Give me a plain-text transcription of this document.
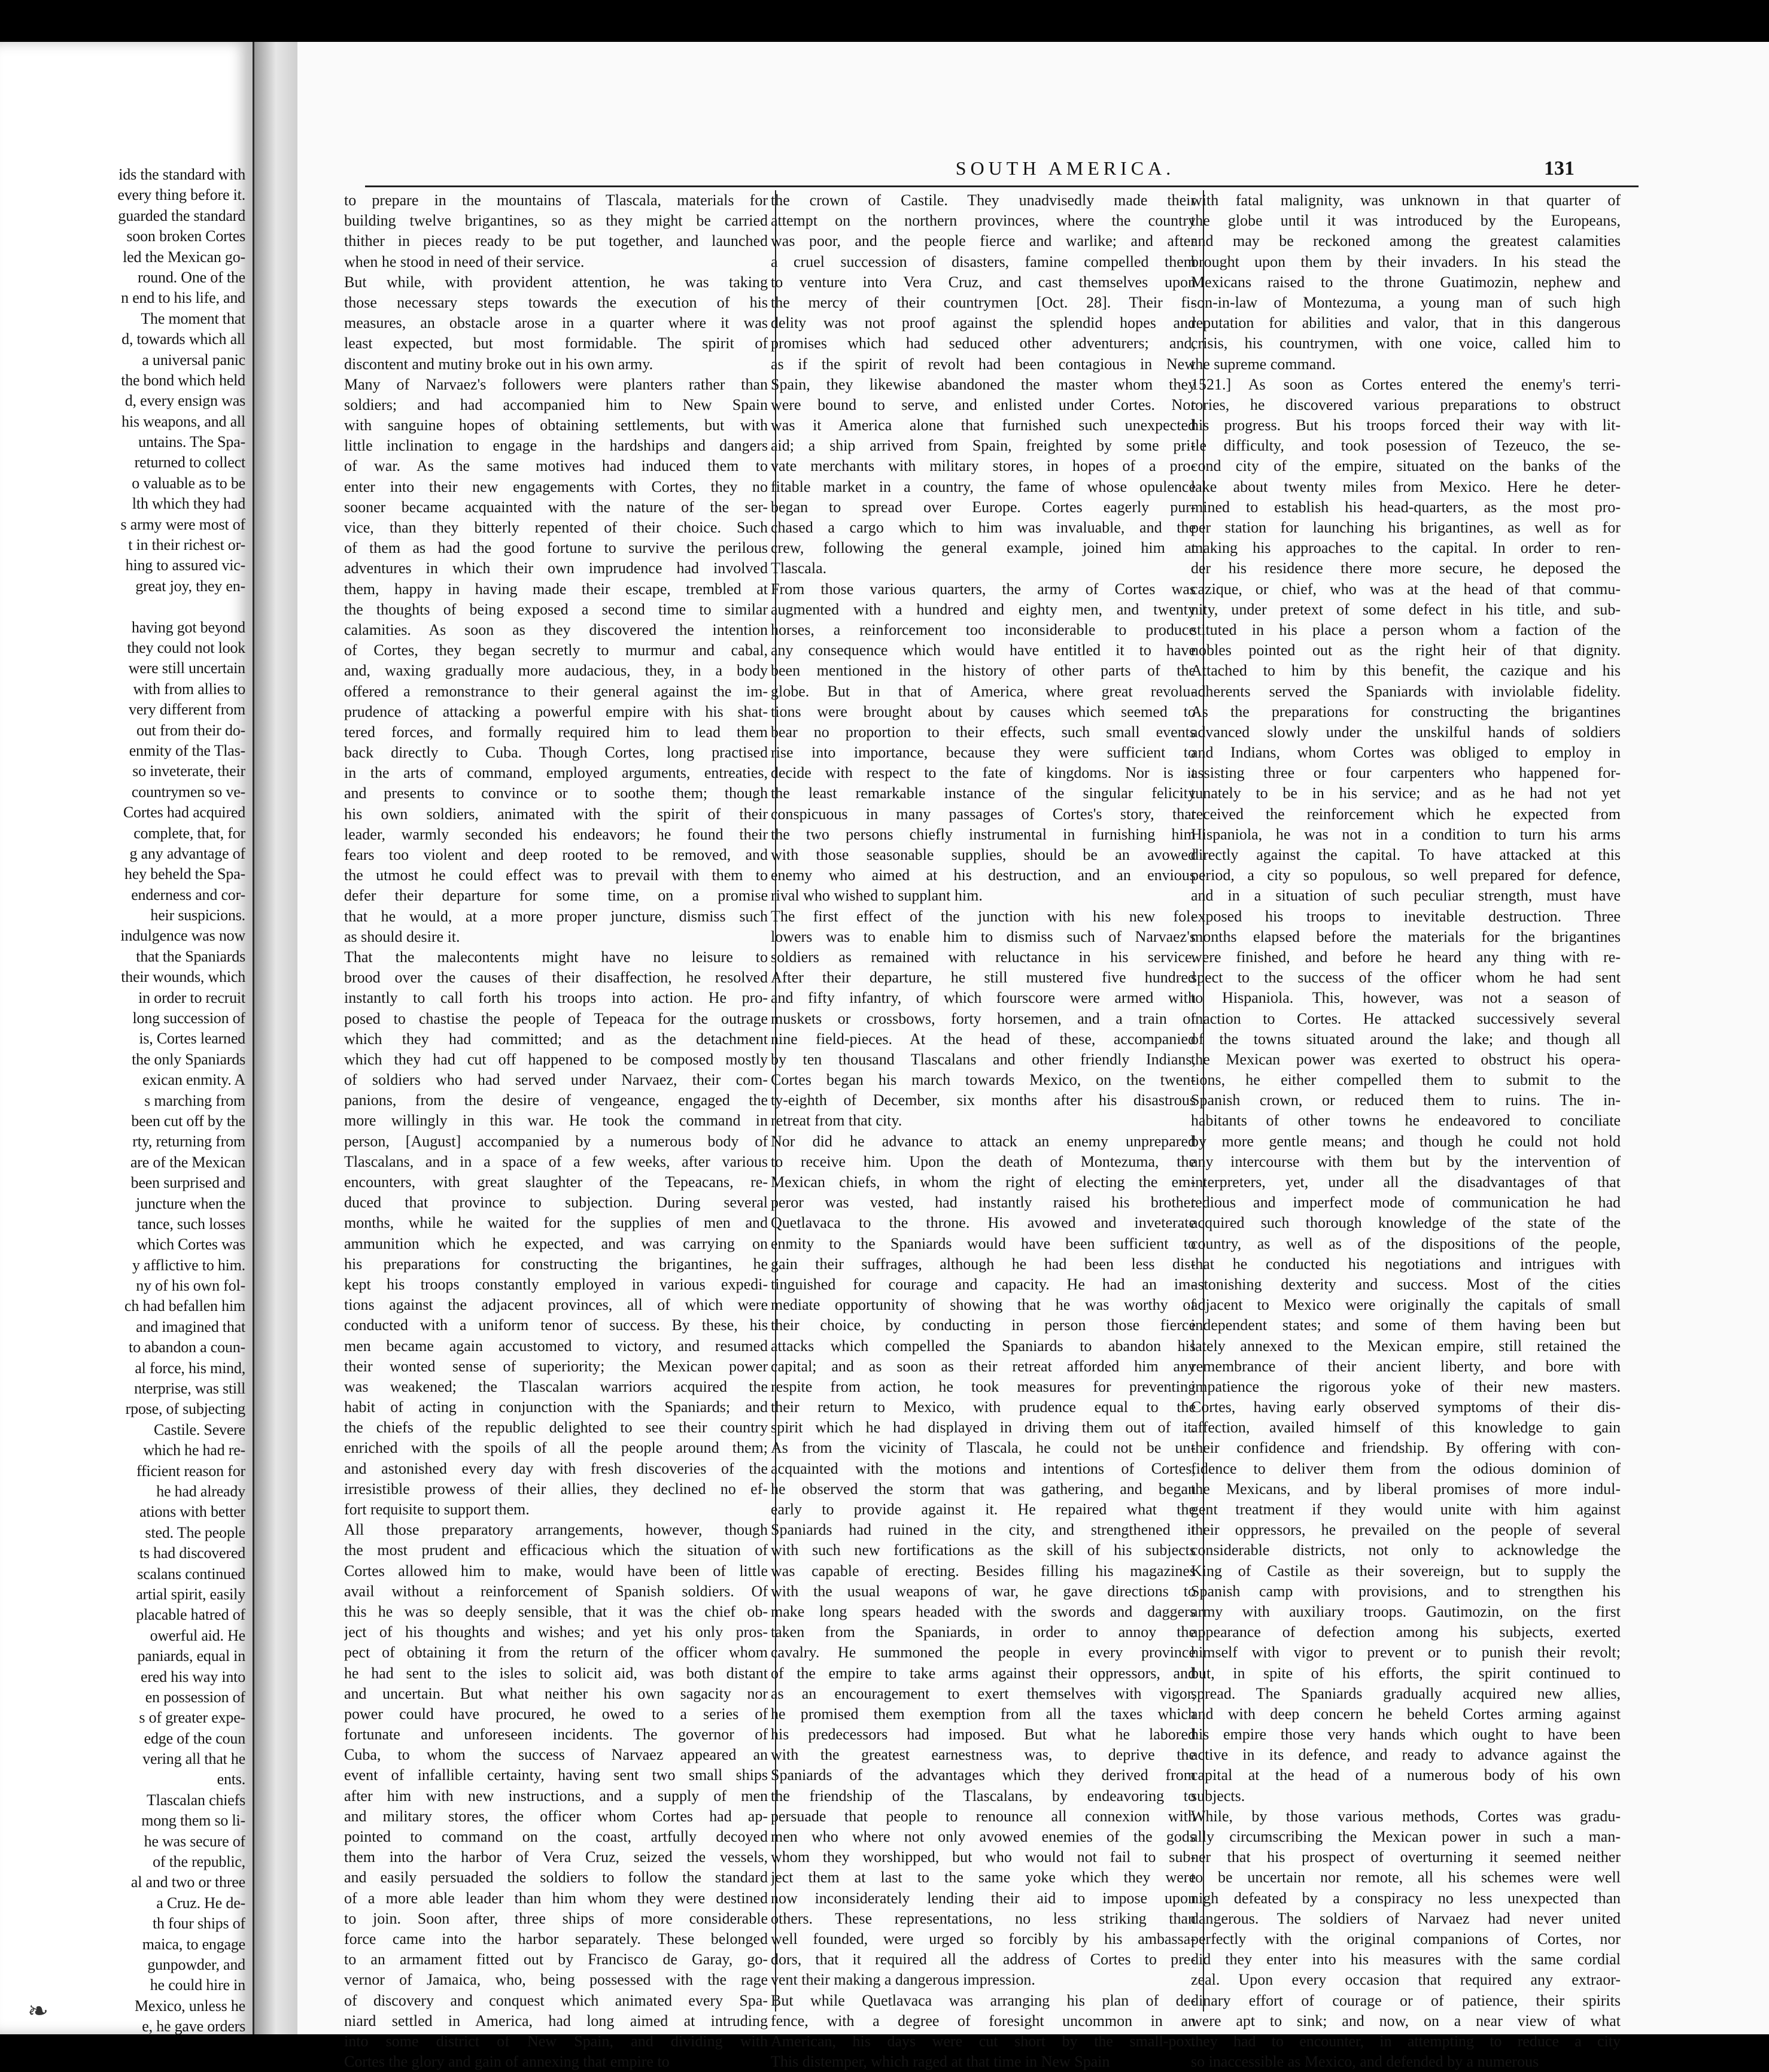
ids the standard with
every thing before it.
guarded the standard
soon broken Cortes
led the Mexican go-
round. One of the
n end to his life, and
The moment that
d, towards which all
a universal panic
the bond which held
d, every ensign was
his weapons, and all
untains. The Spa-
returned to collect
o valuable as to be
lth which they had
s army were most of
t in their richest or-
hing to assured vic-
great joy, they en-
having got beyond
they could not look
were still uncertain
with from allies to
very different from
out from their do-
enmity of the Tlas-
so inveterate, their
countrymen so ve-
Cortes had acquired
complete, that, for
g any advantage of
hey beheld the Spa-
enderness and cor-
heir suspicions.
indulgence was now
that the Spaniards
their wounds, which
in order to recruit
long succession of
is, Cortes learned
the only Spaniards
exican enmity. A
s marching from
been cut off by the
rty, returning from
are of the Mexican
been surprised and
juncture when the
tance, such losses
which Cortes was
y afflictive to him.
ny of his own fol-
ch had befallen him
and imagined that
to abandon a coun-
al force, his mind,
nterprise, was still
rpose, of subjecting
Castile. Severe
which he had re-
fficient reason for
he had already
ations with better
sted. The people
ts had discovered
scalans continued
artial spirit, easily
placable hatred of
owerful aid. He
paniards, equal in
ered his way into
en possession of
s of greater expe-
edge of the coun
vering all that he
ents.
Tlascalan chiefs
mong them so li-
he was secure of
of the republic,
al and two or three
a Cruz. He de-
th four ships of
maica, to engage
gunpowder, and
he could hire in
Mexico, unless he
e, he gave orders
SOUTH AMERICA.	131
to prepare in the mountains of Tlascala, materials for
building twelve brigantines, so as they might be carried
thither in pieces ready to be put together, and launched
when he stood in need of their service.
But while, with provident attention, he was taking
those necessary steps towards the execution of his
measures, an obstacle arose in a quarter where it was
least expected, but most formidable. The spirit of
discontent and mutiny broke out in his own army.
Many of Narvaez's followers were planters rather than
soldiers; and had accompanied him to New Spain
with sanguine hopes of obtaining settlements, but with
little inclination to engage in the hardships and dangers
of war. As the same motives had induced them to
enter into their new engagements with Cortes, they no
sooner became acquainted with the nature of the ser-
vice, than they bitterly repented of their choice. Such
of them as had the good fortune to survive the perilous
adventures in which their own imprudence had involved
them, happy in having made their escape, trembled at
the thoughts of being exposed a second time to similar
calamities. As soon as they discovered the intention
of Cortes, they began secretly to murmur and cabal,
and, waxing gradually more audacious, they, in a body
offered a remonstrance to their general against the im-
prudence of attacking a powerful empire with his shat-
tered forces, and formally required him to lead them
back directly to Cuba. Though Cortes, long practised
in the arts of command, employed arguments, entreaties,
and presents to convince or to soothe them; though
his own soldiers, animated with the spirit of their
leader, warmly seconded his endeavors; he found their
fears too violent and deep rooted to be removed, and
the utmost he could effect was to prevail with them to
defer their departure for some time, on a promise
that he would, at a more proper juncture, dismiss such
as should desire it.
That the malecontents might have no leisure to
brood over the causes of their disaffection, he resolved
instantly to call forth his troops into action. He pro-
posed to chastise the people of Tepeaca for the outrage
which they had committed; and as the detachment
which they had cut off happened to be composed mostly
of soldiers who had served under Narvaez, their com-
panions, from the desire of vengeance, engaged the
more willingly in this war. He took the command in
person, [August] accompanied by a numerous body of
Tlascalans, and in a space of a few weeks, after various
encounters, with great slaughter of the Tepeacans, re-
duced that province to subjection. During several
months, while he waited for the supplies of men and
ammunition which he expected, and was carrying on
his preparations for constructing the brigantines, he
kept his troops constantly employed in various expedi-
tions against the adjacent provinces, all of which were
conducted with a uniform tenor of success. By these, his
men became again accustomed to victory, and resumed
their wonted sense of superiority; the Mexican power
was weakened; the Tlascalan warriors acquired the
habit of acting in conjunction with the Spaniards; and
the chiefs of the republic delighted to see their country
enriched with the spoils of all the people around them;
and astonished every day with fresh discoveries of the
irresistible prowess of their allies, they declined no ef-
fort requisite to support them.
All those preparatory arrangements, however, though
the most prudent and efficacious which the situation of
Cortes allowed him to make, would have been of little
avail without a reinforcement of Spanish soldiers. Of
this he was so deeply sensible, that it was the chief ob-
ject of his thoughts and wishes; and yet his only pros-
pect of obtaining it from the return of the officer whom
he had sent to the isles to solicit aid, was both distant
and uncertain. But what neither his own sagacity nor
power could have procured, he owed to a series of
fortunate and unforeseen incidents. The governor of
Cuba, to whom the success of Narvaez appeared an
event of infallible certainty, having sent two small ships
after him with new instructions, and a supply of men
and military stores, the officer whom Cortes had ap-
pointed to command on the coast, artfully decoyed
them into the harbor of Vera Cruz, seized the vessels,
and easily persuaded the soldiers to follow the standard
of a more able leader than him whom they were destined
to join. Soon after, three ships of more considerable
force came into the harbor separately. These belonged
to an armament fitted out by Francisco de Garay, go-
vernor of Jamaica, who, being possessed with the rage
of discovery and conquest which animated every Spa-
niard settled in America, had long aimed at intruding
into some district of New Spain, and dividing with
Cortes the glory and gain of annexing that empire to
the crown of Castile. They unadvisedly made their
attempt on the northern provinces, where the country
was poor, and the people fierce and warlike; and after
a cruel succession of disasters, famine compelled them
to venture into Vera Cruz, and cast themselves upon
the mercy of their countrymen [Oct. 28]. Their fi-
delity was not proof against the splendid hopes and
promises which had seduced other adventurers; and,
as if the spirit of revolt had been contagious in New
Spain, they likewise abandoned the master whom they
were bound to serve, and enlisted under Cortes. Nor
was it America alone that furnished such unexpected
aid; a ship arrived from Spain, freighted by some pri-
vate merchants with military stores, in hopes of a pro-
fitable market in a country, the fame of whose opulence
began to spread over Europe. Cortes eagerly pur-
chased a cargo which to him was invaluable, and the
crew, following the general example, joined him at
Tlascala.
From those various quarters, the army of Cortes was
augmented with a hundred and eighty men, and twenty
horses, a reinforcement too inconsiderable to produce
any consequence which would have entitled it to have
been mentioned in the history of other parts of the
globe. But in that of America, where great revolu-
tions were brought about by causes which seemed to
bear no proportion to their effects, such small events
rise into importance, because they were sufficient to
decide with respect to the fate of kingdoms. Nor is it
the least remarkable instance of the singular felicity
conspicuous in many passages of Cortes's story, that
the two persons chiefly instrumental in furnishing him
with those seasonable supplies, should be an avowed
enemy who aimed at his destruction, and an envious
rival who wished to supplant him.
The first effect of the junction with his new fol-
lowers was to enable him to dismiss such of Narvaez's
soldiers as remained with reluctance in his service.
After their departure, he still mustered five hundred
and fifty infantry, of which fourscore were armed with
muskets or crossbows, forty horsemen, and a train of
nine field-pieces. At the head of these, accompanied
by ten thousand Tlascalans and other friendly Indians,
Cortes began his march towards Mexico, on the twen-
ty-eighth of December, six months after his disastrous
retreat from that city.
Nor did he advance to attack an enemy unprepared
to receive him. Upon the death of Montezuma, the
Mexican chiefs, in whom the right of electing the em-
peror was vested, had instantly raised his brother
Quetlavaca to the throne. His avowed and inveterate
enmity to the Spaniards would have been sufficient to
gain their suffrages, although he had been less dis-
tinguished for courage and capacity. He had an im-
mediate opportunity of showing that he was worthy of
their choice, by conducting in person those fierce
attacks which compelled the Spaniards to abandon his
capital; and as soon as their retreat afforded him any
respite from action, he took measures for preventing
their return to Mexico, with prudence equal to the
spirit which he had displayed in driving them out of it.
As from the vicinity of Tlascala, he could not be un-
acquainted with the motions and intentions of Cortes,
he observed the storm that was gathering, and began
early to provide against it. He repaired what the
Spaniards had ruined in the city, and strengthened it
with such new fortifications as the skill of his subjects
was capable of erecting. Besides filling his magazines
with the usual weapons of war, he gave directions to
make long spears headed with the swords and daggers
taken from the Spaniards, in order to annoy the
cavalry. He summoned the people in every province
of the empire to take arms against their oppressors, and
as an encouragement to exert themselves with vigor,
he promised them exemption from all the taxes which
his predecessors had imposed. But what he labored
with the greatest earnestness was, to deprive the
Spaniards of the advantages which they derived from
the friendship of the Tlascalans, by endeavoring to
persuade that people to renounce all connexion with
men who where not only avowed enemies of the gods
whom they worshipped, but who would not fail to sub-
ject them at last to the same yoke which they were
now inconsiderately lending their aid to impose upon
others. These representations, no less striking than
well founded, were urged so forcibly by his ambassa-
dors, that it required all the address of Cortes to pre-
vent their making a dangerous impression.
But while Quetlavaca was arranging his plan of de-
fence, with a degree of foresight uncommon in an
American, his days were cut short by the small-pox.
This distemper, which raged at that time in New Spain
with fatal malignity, was unknown in that quarter of
the globe until it was introduced by the Europeans,
and may be reckoned among the greatest calamities
brought upon them by their invaders. In his stead the
Mexicans raised to the throne Guatimozin, nephew and
son-in-law of Montezuma, a young man of such high
reputation for abilities and valor, that in this dangerous
crisis, his countrymen, with one voice, called him to
the supreme command.
1521.] As soon as Cortes entered the enemy's terri-
tories, he discovered various preparations to obstruct
his progress. But his troops forced their way with lit-
tle difficulty, and took posession of Tezeuco, the se-
cond city of the empire, situated on the banks of the
lake about twenty miles from Mexico. Here he deter-
mined to establish his head-quarters, as the most pro-
per station for launching his brigantines, as well as for
making his approaches to the capital. In order to ren-
der his residence there more secure, he deposed the
cazique, or chief, who was at the head of that commu-
nity, under pretext of some defect in his title, and sub-
stituted in his place a person whom a faction of the
nobles pointed out as the right heir of that dignity.
Attached to him by this benefit, the cazique and his
adherents served the Spaniards with inviolable fidelity.
As the preparations for constructing the brigantines
advanced slowly under the unskilful hands of soldiers
and Indians, whom Cortes was obliged to employ in
assisting three or four carpenters who happened for-
tunately to be in his service; and as he had not yet
received the reinforcement which he expected from
Hispaniola, he was not in a condition to turn his arms
directly against the capital. To have attacked at this
period, a city so populous, so well prepared for defence,
and in a situation of such peculiar strength, must have
exposed his troops to inevitable destruction. Three
months elapsed before the materials for the brigantines
were finished, and before he heard any thing with re-
spect to the success of the officer whom he had sent
to Hispaniola. This, however, was not a season of
inaction to Cortes. He attacked successively several
of the towns situated around the lake; and though all
the Mexican power was exerted to obstruct his opera-
tions, he either compelled them to submit to the
Spanish crown, or reduced them to ruins. The in-
habitants of other towns he endeavored to conciliate
by more gentle means; and though he could not hold
any intercourse with them but by the intervention of
interpreters, yet, under all the disadvantages of that
tedious and imperfect mode of communication he had
acquired such thorough knowledge of the state of the
country, as well as of the dispositions of the people,
that he conducted his negotiations and intrigues with
astonishing dexterity and success. Most of the cities
adjacent to Mexico were originally the capitals of small
independent states; and some of them having been but
lately annexed to the Mexican empire, still retained the
remembrance of their ancient liberty, and bore with
impatience the rigorous yoke of their new masters.
Cortes, having early observed symptoms of their dis-
affection, availed himself of this knowledge to gain
their confidence and friendship. By offering with con-
fidence to deliver them from the odious dominion of
the Mexicans, and by liberal promises of more indul-
gent treatment if they would unite with him against
their oppressors, he prevailed on the people of several
considerable districts, not only to acknowledge the
King of Castile as their sovereign, but to supply the
Spanish camp with provisions, and to strengthen his
army with auxiliary troops. Gautimozin, on the first
appearance of defection among his subjects, exerted
himself with vigor to prevent or to punish their revolt;
but, in spite of his efforts, the spirit continued to
spread. The Spaniards gradually acquired new allies,
and with deep concern he beheld Cortes arming against
his empire those very hands which ought to have been
active in its defence, and ready to advance against the
capital at the head of a numerous body of his own
subjects.
While, by those various methods, Cortes was gradu-
ally circumscribing the Mexican power in such a man-
ner that his prospect of overturning it seemed neither
to be uncertain nor remote, all his schemes were well
nigh defeated by a conspiracy no less unexpected than
dangerous. The soldiers of Narvaez had never united
perfectly with the original companions of Cortes, nor
did they enter into his measures with the same cordial
zeal. Upon every occasion that required any extraor-
dinary effort of courage or of patience, their spirits
were apt to sink; and now, on a near view of what
they had to encounter, in attempting to reduce a city
so inaccessible as Mexico, and defended by a numerous
❧
